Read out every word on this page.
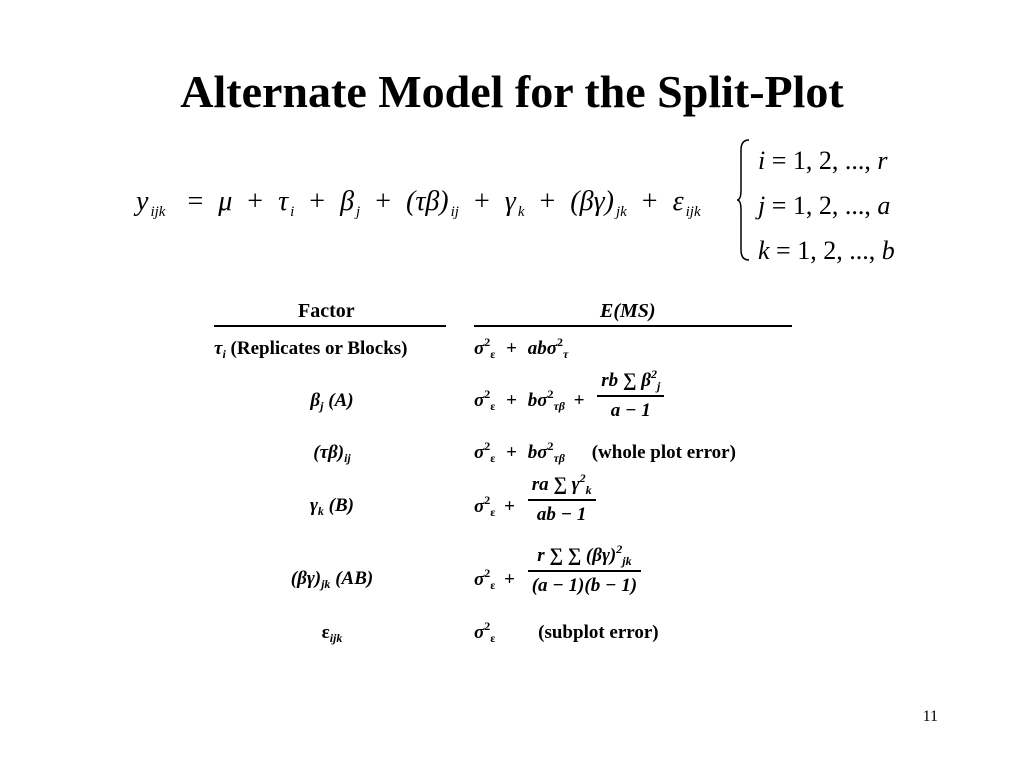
Alternate Model for the Split-Plot
y $_{ijk}$ = μ + τ $_i$ + β $_j$ + (τβ) $_{ij}$ + γ $_k$ + (βγ) $_{jk}$ + ε $_{ijk}$
i = 1, 2, ..., r
j = 1, 2, ..., a
k = 1, 2, ..., b
Factor	E(MS)
$\tau_i$ (Replicates or Blocks)	$\sigma^2_\varepsilon + ab\sigma^2_\tau$
$\beta_j$ (A)	$\sigma^2_\varepsilon + b\sigma^2_{\tau\beta} + \frac{rb \sum \beta^2_j}{a - 1}$
$(\tau\beta)_{ij}$	$\sigma^2_\varepsilon + b\sigma^2_{\tau\beta}$ (whole plot error)
$\gamma_k$ (B)	$\sigma^2_\varepsilon + \frac{ra \sum \gamma^2_k}{ab - 1}$
$(\beta\gamma)_{jk}$ (AB)	$\sigma^2_\varepsilon + \frac{r \sum \sum (\beta\gamma)^2_{jk}}{(a - 1)(b - 1)}$
$\varepsilon_{ijk}$	$\sigma^2_\varepsilon$ (subplot error)
11
